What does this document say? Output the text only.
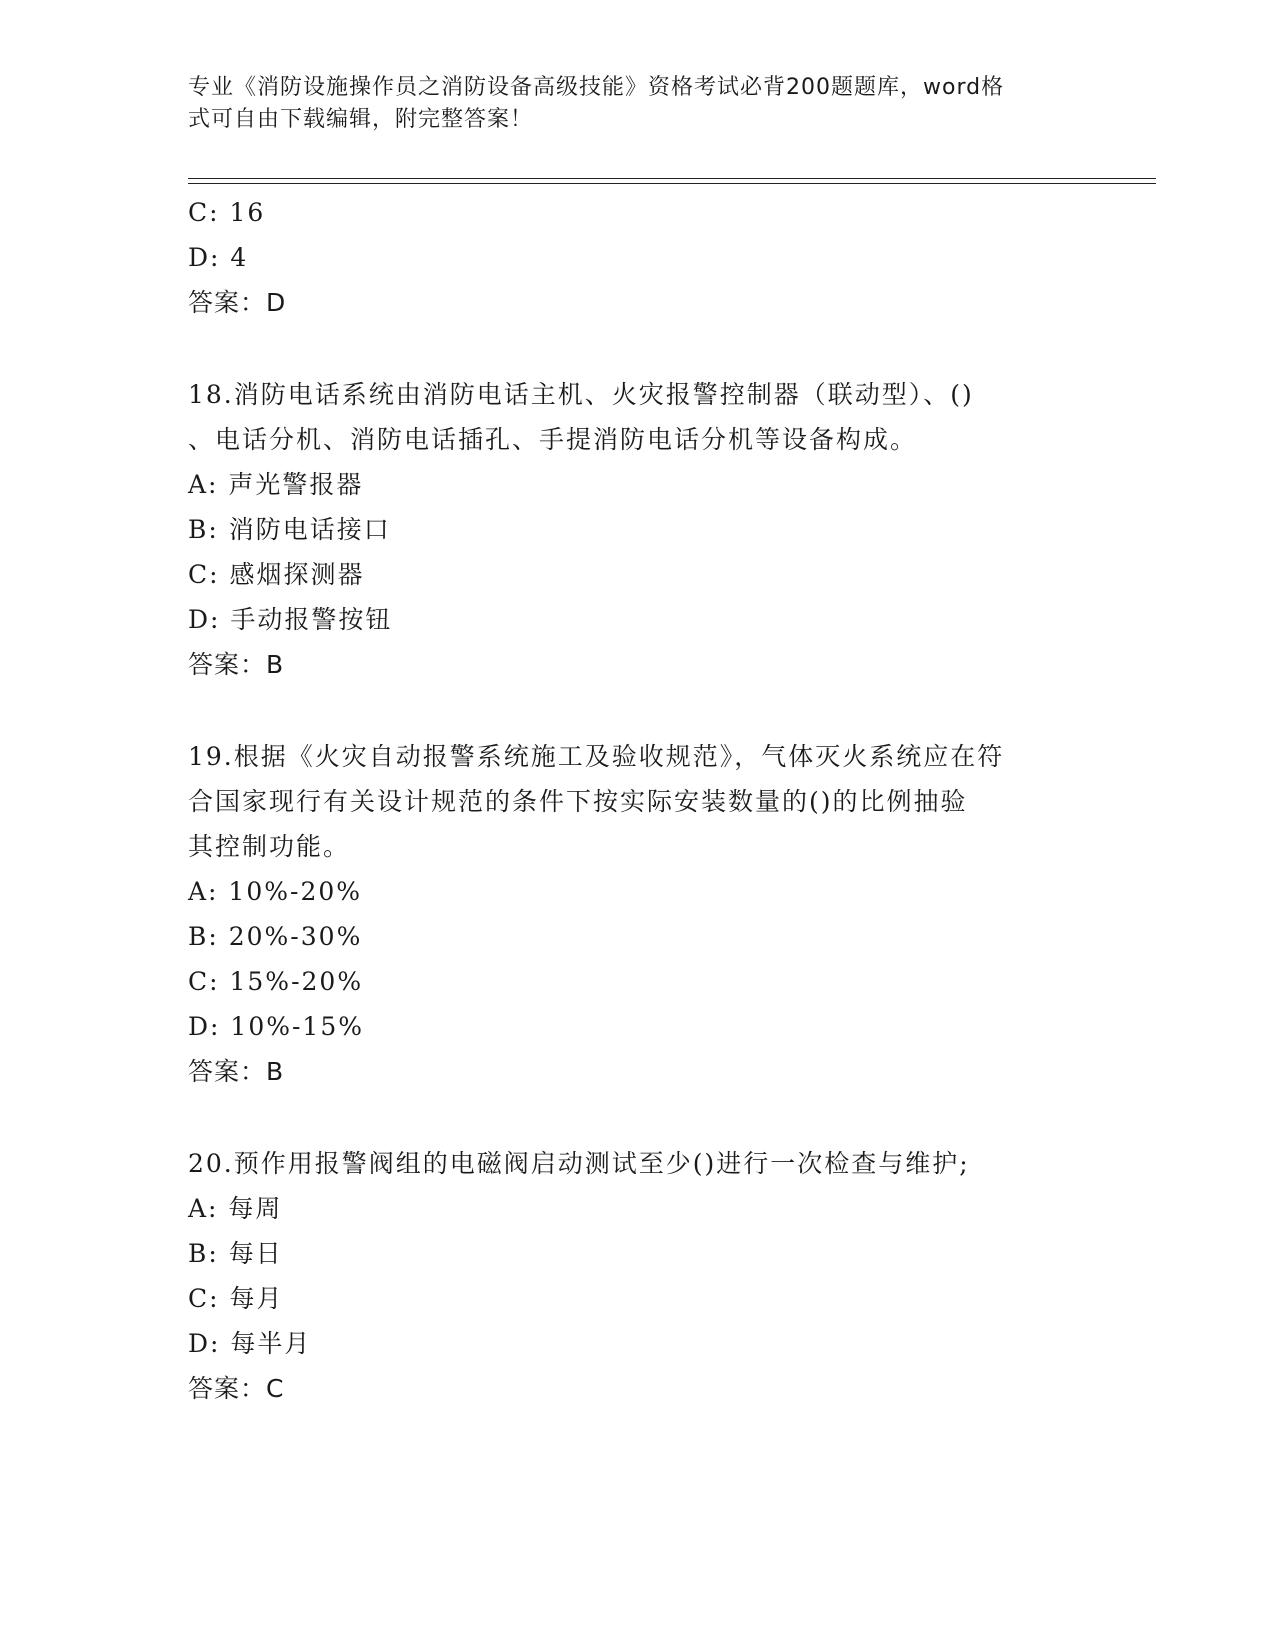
专业《消防设施操作员之消防设备高级技能》资格考试必背200题题库，word格
式可自由下载编辑，附完整答案！
C: 16
D: 4
答案：D
18.消防电话系统由消防电话主机、火灾报警控制器（联动型）、()
、电话分机、消防电话插孔、手提消防电话分机等设备构成。
A: 声光警报器
B: 消防电话接口
C: 感烟探测器
D: 手动报警按钮
答案：B
19.根据《火灾自动报警系统施工及验收规范》，气体灭火系统应在符
合国家现行有关设计规范的条件下按实际安装数量的()的比例抽验
其控制功能。
A: 10%-20%
B: 20%-30%
C: 15%-20%
D: 10%-15%
答案：B
20.预作用报警阀组的电磁阀启动测试至少()进行一次检查与维护;
A: 每周
B: 每日
C: 每月
D: 每半月
答案：C
